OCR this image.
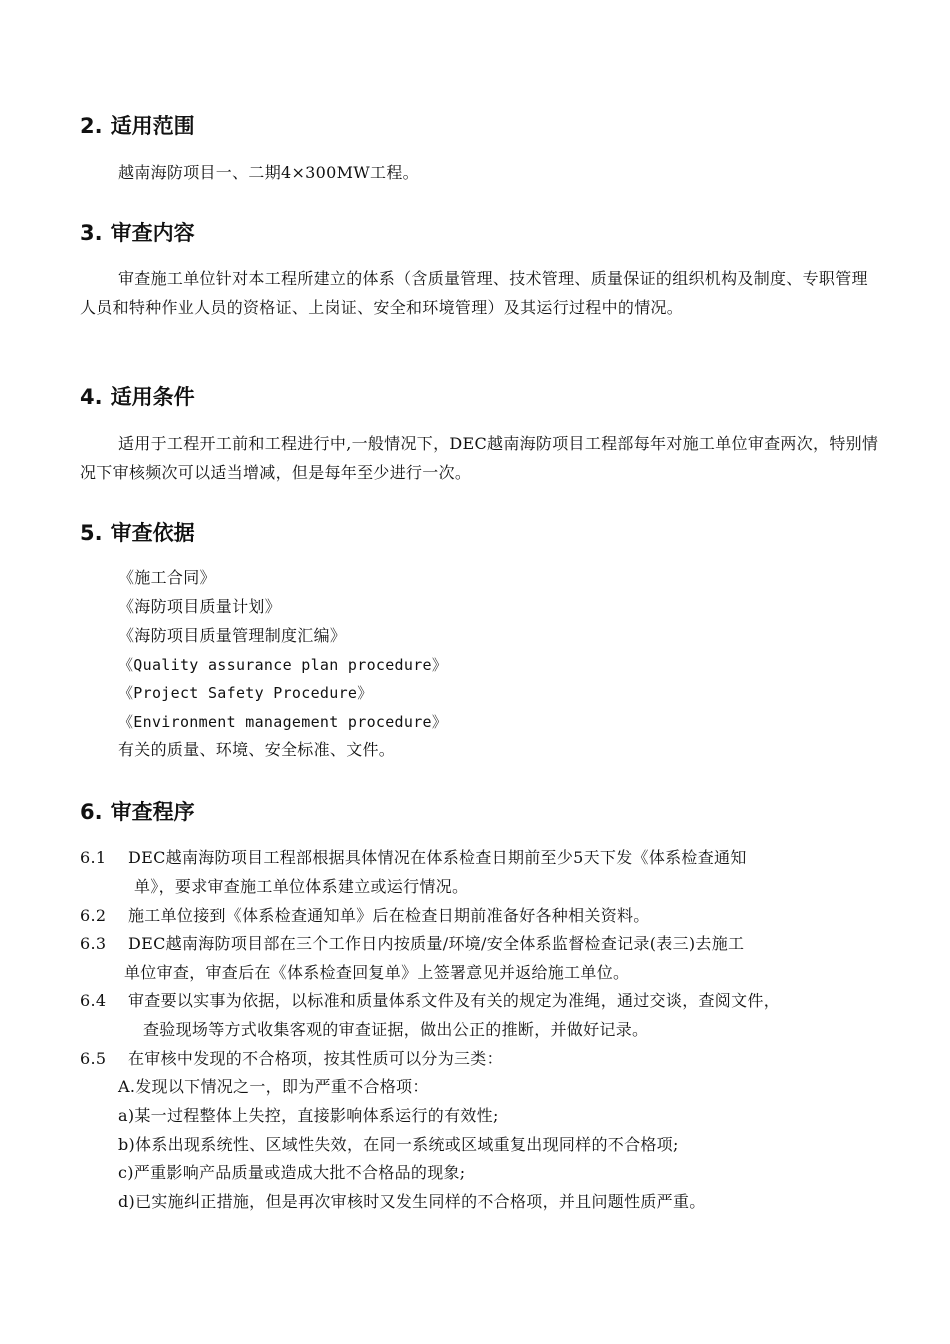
2. 适用范围
越南海防项目一、二期4×300MW工程。
3. 审查内容
审查施工单位针对本工程所建立的体系（含质量管理、技术管理、质量保证的组织机构及制度、专职管理人员和特种作业人员的资格证、上岗证、安全和环境管理）及其运行过程中的情况。
4. 适用条件
适用于工程开工前和工程进行中,一般情况下，DEC越南海防项目工程部每年对施工单位审查两次，特别情况下审核频次可以适当增减，但是每年至少进行一次。
5. 审查依据
《施工合同》
《海防项目质量计划》
《海防项目质量管理制度汇编》
《Quality assurance plan procedure》
《Project Safety Procedure》
《Environment management procedure》
有关的质量、环境、安全标准、文件。
6. 审查程序
6.1 DEC越南海防项目工程部根据具体情况在体系检查日期前至少5天下发《体系检查通知
单》，要求审查施工单位体系建立或运行情况。
6.2 施工单位接到《体系检查通知单》后在检查日期前准备好各种相关资料。
6.3 DEC越南海防项目部在三个工作日内按质量/环境/安全体系监督检查记录(表三)去施工
单位审查，审查后在《体系检查回复单》上签署意见并返给施工单位。
6.4 审查要以实事为依据，以标准和质量体系文件及有关的规定为准绳，通过交谈，查阅文件，
查验现场等方式收集客观的审查证据，做出公正的推断，并做好记录。
6.5 在审核中发现的不合格项，按其性质可以分为三类：
A.发现以下情况之一，即为严重不合格项：
a)某一过程整体上失控，直接影响体系运行的有效性;
b)体系出现系统性、区域性失效，在同一系统或区域重复出现同样的不合格项;
c)严重影响产品质量或造成大批不合格品的现象;
d)已实施纠正措施，但是再次审核时又发生同样的不合格项，并且问题性质严重。
